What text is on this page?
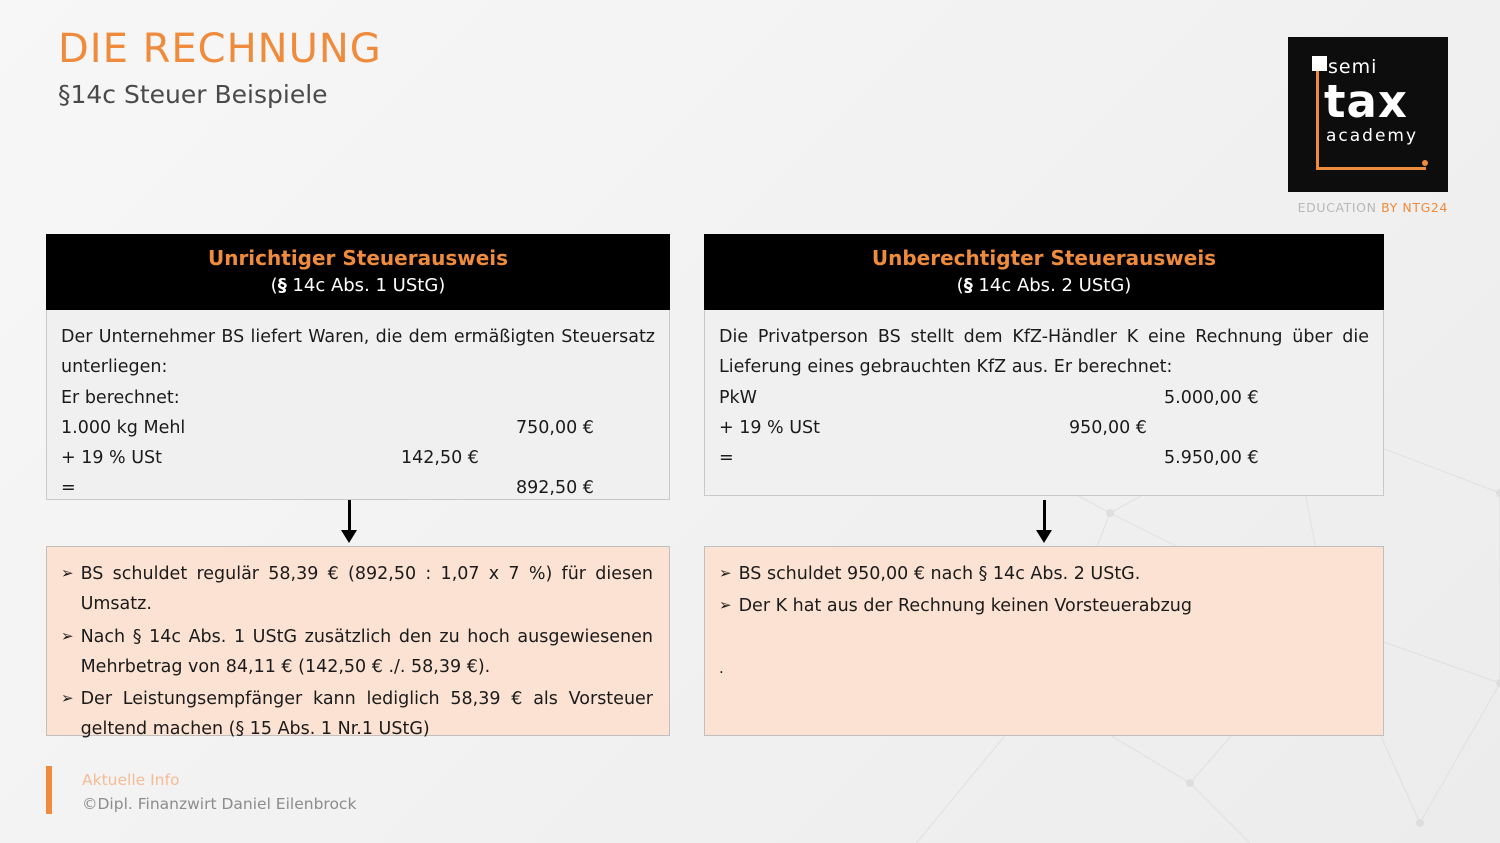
DIE RECHNUNG
§14c Steuer Beispiele
semi
tax
academy
EDUCATION BY NTG24
Unrichtiger Steuerausweis
(§ 14c Abs. 1 UStG)
Der Unternehmer BS liefert Waren, die dem ermäßigten Steuersatz unterliegen:
Er berechnet:
1.000 kg Mehl	750,00 €
+ 19 % USt	142,50 €
=	892,50 €
➢ BS schuldet regulär 58,39 € (892,50 : 1,07 x 7 %) für diesen Umsatz.
➢ Nach § 14c Abs. 1 UStG zusätzlich den zu hoch ausgewiesenen Mehrbetrag von 84,11 € (142,50 € ./. 58,39 €).
➢ Der Leistungsempfänger kann lediglich 58,39 € als Vorsteuer geltend machen (§ 15 Abs. 1 Nr.1 UStG)
Unberechtigter Steuerausweis
(§ 14c Abs. 2 UStG)
Die Privatperson BS stellt dem KfZ-Händler K eine Rechnung über die Lieferung eines gebrauchten KfZ aus. Er berechnet:
PkW	5.000,00 €
+ 19 % USt	950,00 €
=	5.950,00 €
➢ BS schuldet 950,00 € nach § 14c Abs. 2 UStG.
➢ Der K hat aus der Rechnung keinen Vorsteuerabzug
.
Aktuelle Info
©Dipl. Finanzwirt Daniel Eilenbrock
